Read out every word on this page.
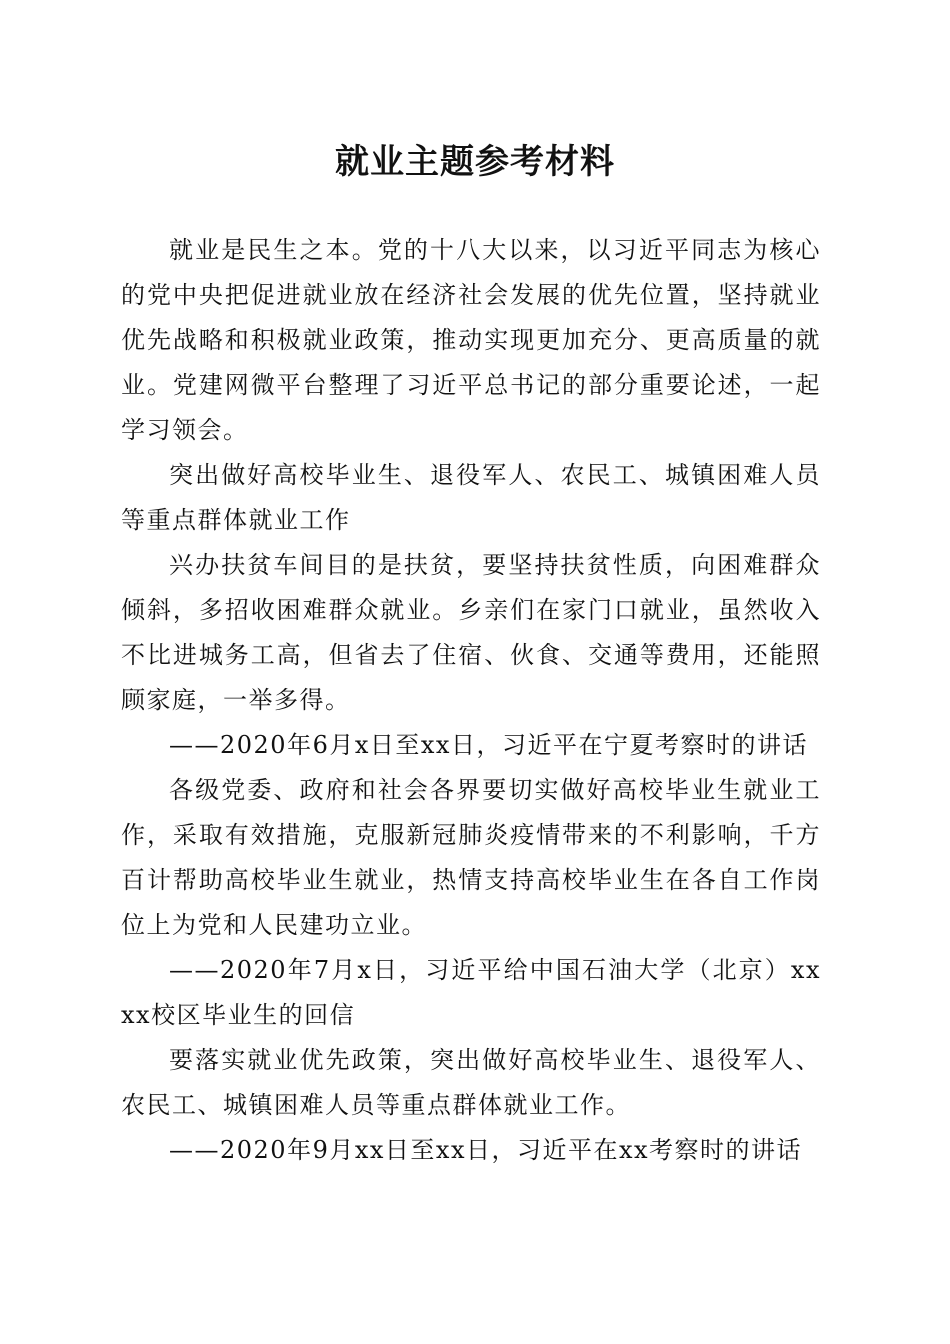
就业主题参考材料

就业是民生之本。党的十八大以来，以习近平同志为核心的党中央把促进就业放在经济社会发展的优先位置，坚持就业优先战略和积极就业政策，推动实现更加充分、更高质量的就业。党建网微平台整理了习近平总书记的部分重要论述，一起学习领会。

突出做好高校毕业生、退役军人、农民工、城镇困难人员等重点群体就业工作

兴办扶贫车间目的是扶贫，要坚持扶贫性质，向困难群众倾斜，多招收困难群众就业。乡亲们在家门口就业，虽然收入不比进城务工高，但省去了住宿、伙食、交通等费用，还能照顾家庭，一举多得。

——2020年6月x日至xx日，习近平在宁夏考察时的讲话

各级党委、政府和社会各界要切实做好高校毕业生就业工作，采取有效措施，克服新冠肺炎疫情带来的不利影响，千方百计帮助高校毕业生就业，热情支持高校毕业生在各自工作岗位上为党和人民建功立业。

——2020年7月x日，习近平给中国石油大学（北京）xxxx校区毕业生的回信

要落实就业优先政策，突出做好高校毕业生、退役军人、农民工、城镇困难人员等重点群体就业工作。

——2020年9月xx日至xx日，习近平在xx考察时的讲话
